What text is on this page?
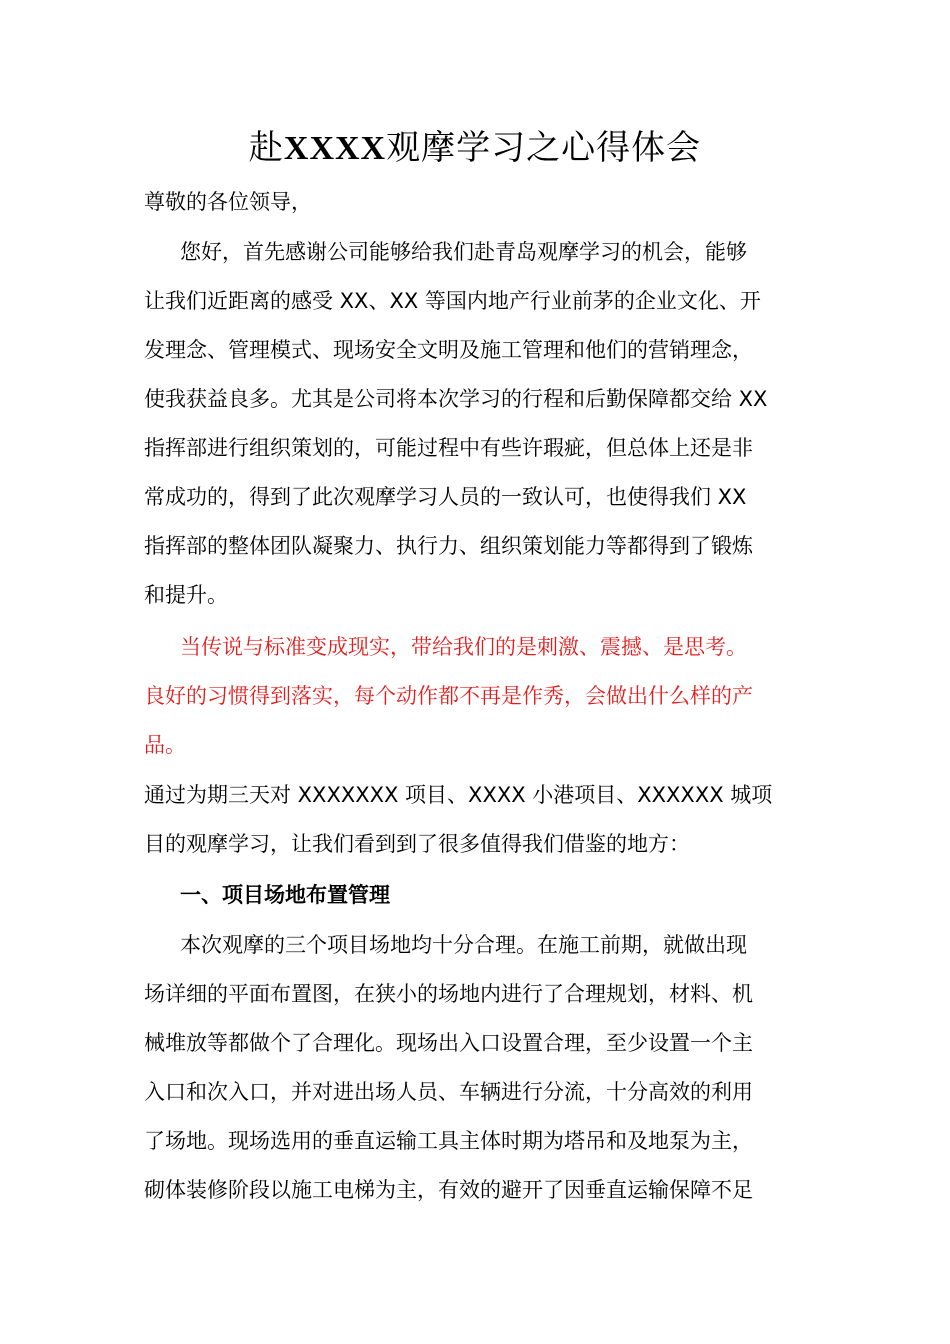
赴XXXX观摩学习之心得体会
尊敬的各位领导，
您好，首先感谢公司能够给我们赴青岛观摩学习的机会，能够
让我们近距离的感受 XX、XX 等国内地产行业前茅的企业文化、开
发理念、管理模式、现场安全文明及施工管理和他们的营销理念，
使我获益良多。尤其是公司将本次学习的行程和后勤保障都交给 XX
指挥部进行组织策划的，可能过程中有些许瑕疵，但总体上还是非
常成功的，得到了此次观摩学习人员的一致认可，也使得我们 XX
指挥部的整体团队凝聚力、执行力、组织策划能力等都得到了锻炼
和提升。
当传说与标准变成现实，带给我们的是刺激、震撼、是思考。
良好的习惯得到落实，每个动作都不再是作秀，会做出什么样的产
品。
通过为期三天对 XXXXXXX 项目、XXXX 小港项目、XXXXXX 城项
目的观摩学习，让我们看到到了很多值得我们借鉴的地方：
一、项目场地布置管理
本次观摩的三个项目场地均十分合理。在施工前期，就做出现
场详细的平面布置图，在狭小的场地内进行了合理规划，材料、机
械堆放等都做个了合理化。现场出入口设置合理，至少设置一个主
入口和次入口，并对进出场人员、车辆进行分流，十分高效的利用
了场地。现场选用的垂直运输工具主体时期为塔吊和及地泵为主，
砌体装修阶段以施工电梯为主，有效的避开了因垂直运输保障不足
